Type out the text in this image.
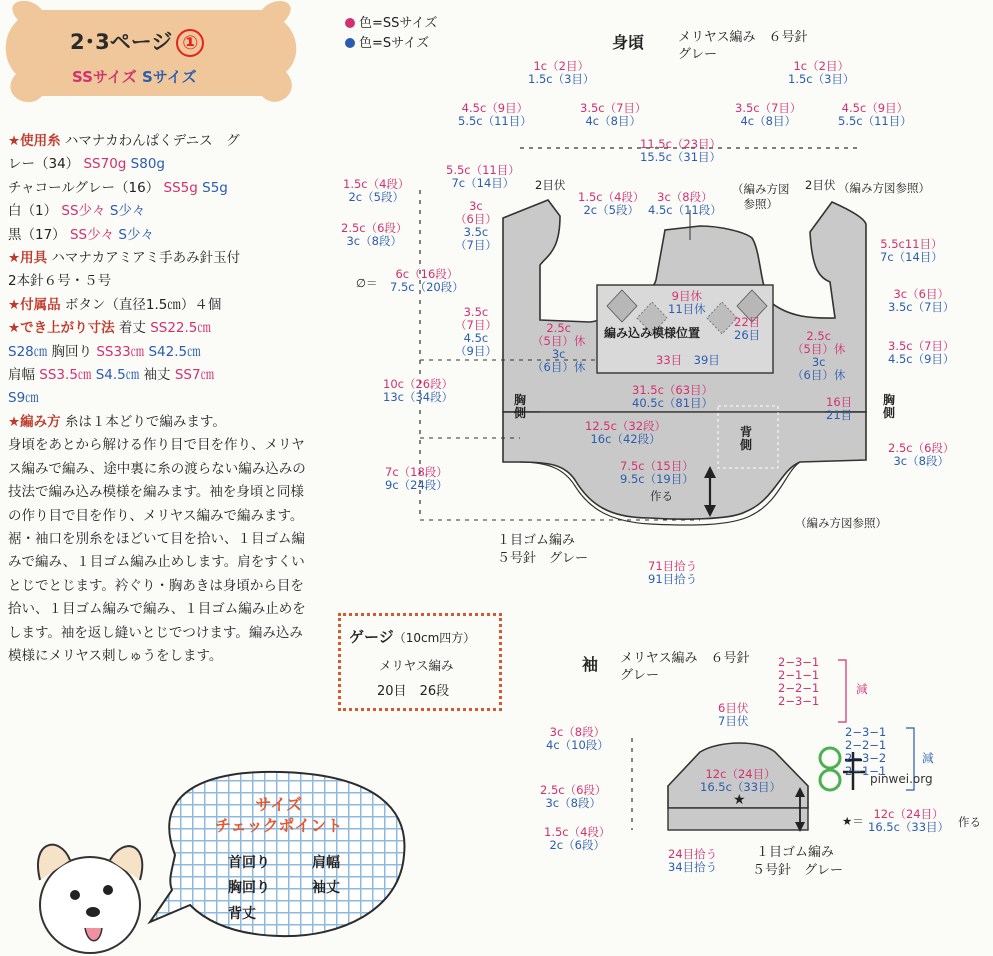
2･3ページ ①
SSサイズ Sサイズ
色=SSサイズ
色=Sサイズ
★使用糸 ハマナカわんぱくデニス　グ
レー（34） SS70g S80g
チャコールグレー（16） SS5g S5g
白（1） SS少々 S少々
黒（17） SS少々 S少々
★用具 ハマナカアミアミ手あみ針玉付
2本針６号・５号
★付属品 ボタン（直径1.5㎝）４個
★でき上がり寸法 着丈 SS22.5㎝
S28㎝ 胸回り SS33㎝ S42.5㎝
肩幅 SS3.5㎝ S4.5㎝ 袖丈 SS7㎝
S9㎝
★編み方 糸は１本どりで編みます。
身頃をあとから解ける作り目で目を作り、メリヤス編みで編み、途中裏に糸の渡らない編み込みの技法で編み込み模様を編みます。袖を身頃と同様の作り目で目を作り、メリヤス編みで編みます。裾・袖口を別糸をほどいて目を拾い、１目ゴム編みで編み、１目ゴム編み止めします。肩をすくいとじでとじます。衿ぐり・胸あきは身頃から目を拾い、１目ゴム編みで編み、１目ゴム編み止めをします。袖を返し縫いとじでつけます。編み込み模様にメリヤス刺しゅうをします。
ゲージ（10cm四方）
メリヤス編み
20目　 26段
身頃	メリヤス編み　６号針
グレー
1c（2目）
1.5c（3目）
1c（2目）
1.5c（3目）
4.5c（9目）
5.5c（11目）
3.5c（7目）
4c（8目）
3.5c（7目）
4c（8目）
4.5c（9目）
5.5c（11目）
11.5c（23目）
15.5c（31目）
5.5c（11目）
7c（14目）	2目伏	2目伏
1.5c（4段）
2c（5段）
3c（8段）
4.5c（11段）
（編み方図
参照）
（編み方図参照）
1.5c（4段）
2c（5段）
2.5c（6段）
3c（8段）
∅＝
6c（16段）
7.5c（20段）
10c（26段）
13c（34段）
7c（18段）
9c（24段）
3c
（6目）
3.5c
（7目）
3.5c
（7目）
4.5c
（9目）
2.5c
（5目）休
3c
（6目）休
9目休
11目休
編み込み模様位置
33目　 39目
22目
26目
5.5c11目）
7c（14目）
3c（6目）
3.5c（7目）
2.5c
（5目）休
3c
（6目）休
3.5c（7目）
4.5c（9目）
16目
21目
2.5c（6段）
3c（8段）
胸側
胸側
背側
31.5c（63目）
40.5c（81目）
12.5c（32段）
16c（42段）
7.5c（15目）
9.5c（19目）
作る
（編み方図参照）
１目ゴム編み
５号針　グレー	71目拾う
91目拾う
袖 メリヤス編み　６号針
グレー
2−3−1
2−1−1
2−2−1
2−3−1
減
2−3−1
2−2−1
2−3−2
2−1−1
減
6目伏
7目伏
3c（8段）
4c（10段）
2.5c（6段）
3c（8段）
1.5c（4段）
2c（6段）
12c（24目）
16.5c（33目）
★
★＝ 12c（24目）
16.5c（33目） 作る
24目拾う
34目拾う
１目ゴム編み
５号針　グレー
サイズ
チェックポイント
首回り	肩幅
胸回り	袖丈
背丈
pinwei.org
